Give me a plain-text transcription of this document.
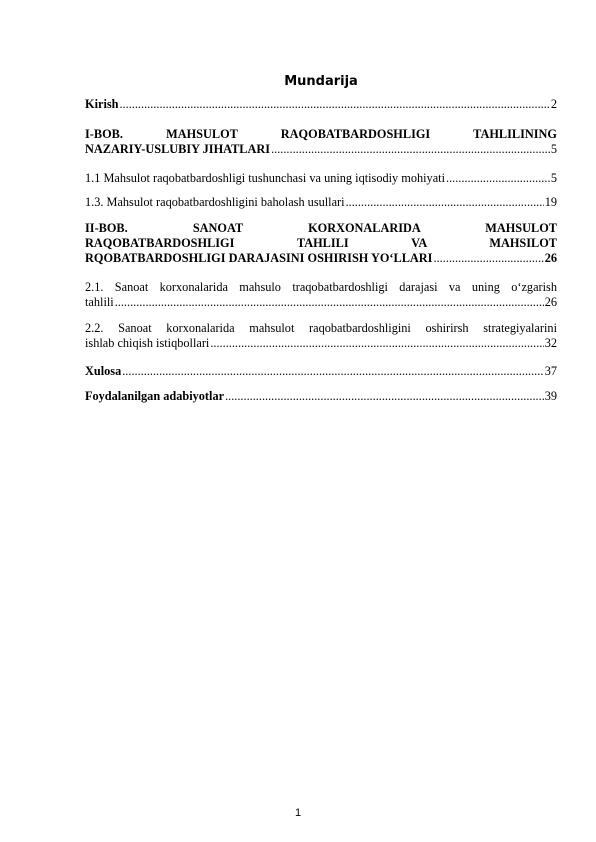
Mundarija
Kirish .....	2
I-BOB. MAHSULOT RAQOBATBARDOSHLIGI TAHLILINING
NAZARIY-USLUBIY JIHATLARI .....	5
1.1 Mahsulot raqobatbardoshligi tushunchasi va uning iqtisodiy mohiyati .....	5
1.3. Mahsulot raqobatbardoshligini baholash usullari .....	19
II-BOB. SANOAT KORXONALARIDA MAHSULOT
RAQOBATBARDOSHLIGI TAHLILI VA MAHSILOT
RQOBATBARDOSHLIGI DARAJASINI OSHIRISH YO‘LLARI .....	26
2.1. Sanoat korxonalarida mahsulo traqobatbardoshligi darajasi va uning o‘zgarish
tahlili .....	26
2.2. Sanoat korxonalarida mahsulot raqobatbardoshligini oshirirsh strategiyalarini
ishlab chiqish istiqbollari .....	32
Xulosa .....	37
Foydalanilgan adabiyotlar .....	39
1
